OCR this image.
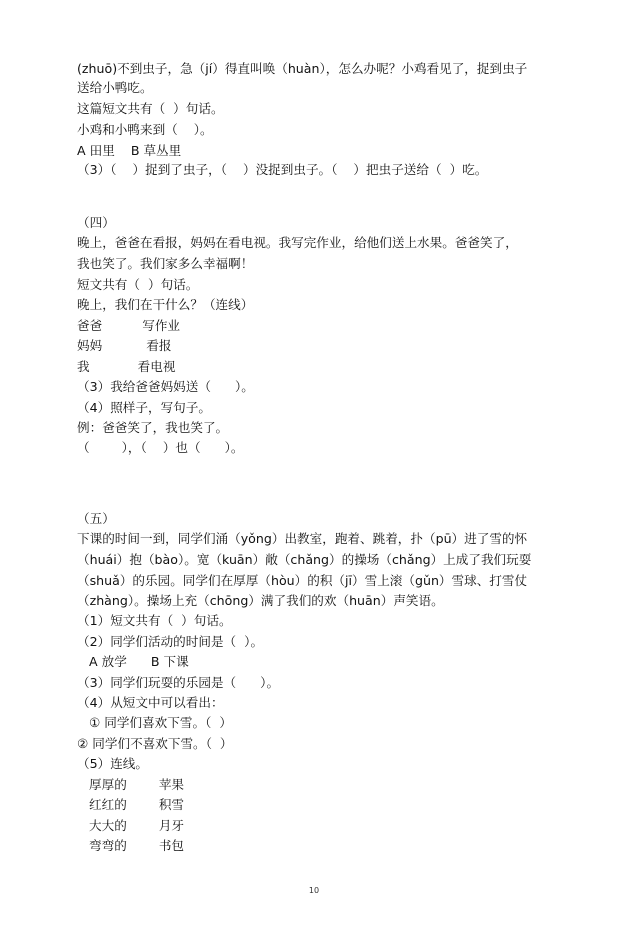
(zhuō)不到虫子，急（jí）得直叫唤（huàn），怎么办呢？小鸡看见了，捉到虫子
送给小鸭吃。
这篇短文共有（  ）句话。
小鸡和小鸭来到（    ）。
A 田里    B 草丛里
（3）（    ）捉到了虫子，（    ）没捉到虫子。（    ）把虫子送给（  ）吃。
（四）
晚上，爸爸在看报，妈妈在看电视。我写完作业，给他们送上水果。爸爸笑了，
我也笑了。我们家多么幸福啊！
短文共有（  ）句话。
晚上，我们在干什么？（连线）
爸爸          写作业
妈妈           看报
我            看电视
（3）我给爸爸妈妈送（      ）。
（4）照样子，写句子。
例：爸爸笑了，我也笑了。
（        ），（    ）也（      ）。
（五）
下课的时间一到，同学们涌（yǒng）出教室，跑着、跳着，扑（pū）进了雪的怀
（huái）抱（bào）。宽（kuān）敞（chǎng）的操场（chǎng）上成了我们玩耍
（shuǎ）的乐园。同学们在厚厚（hòu）的积（jī）雪上滚（gǔn）雪球、打雪仗
（zhàng）。操场上充（chōng）满了我们的欢（huān）声笑语。
（1）短文共有（  ）句话。
（2）同学们活动的时间是（  ）。
A 放学      B 下课
（3）同学们玩耍的乐园是（      ）。
（4）从短文中可以看出：
① 同学们喜欢下雪。（  ）
② 同学们不喜欢下雪。（  ）
（5）连线。
厚厚的        苹果
红红的        积雪
大大的        月牙
弯弯的        书包
10
